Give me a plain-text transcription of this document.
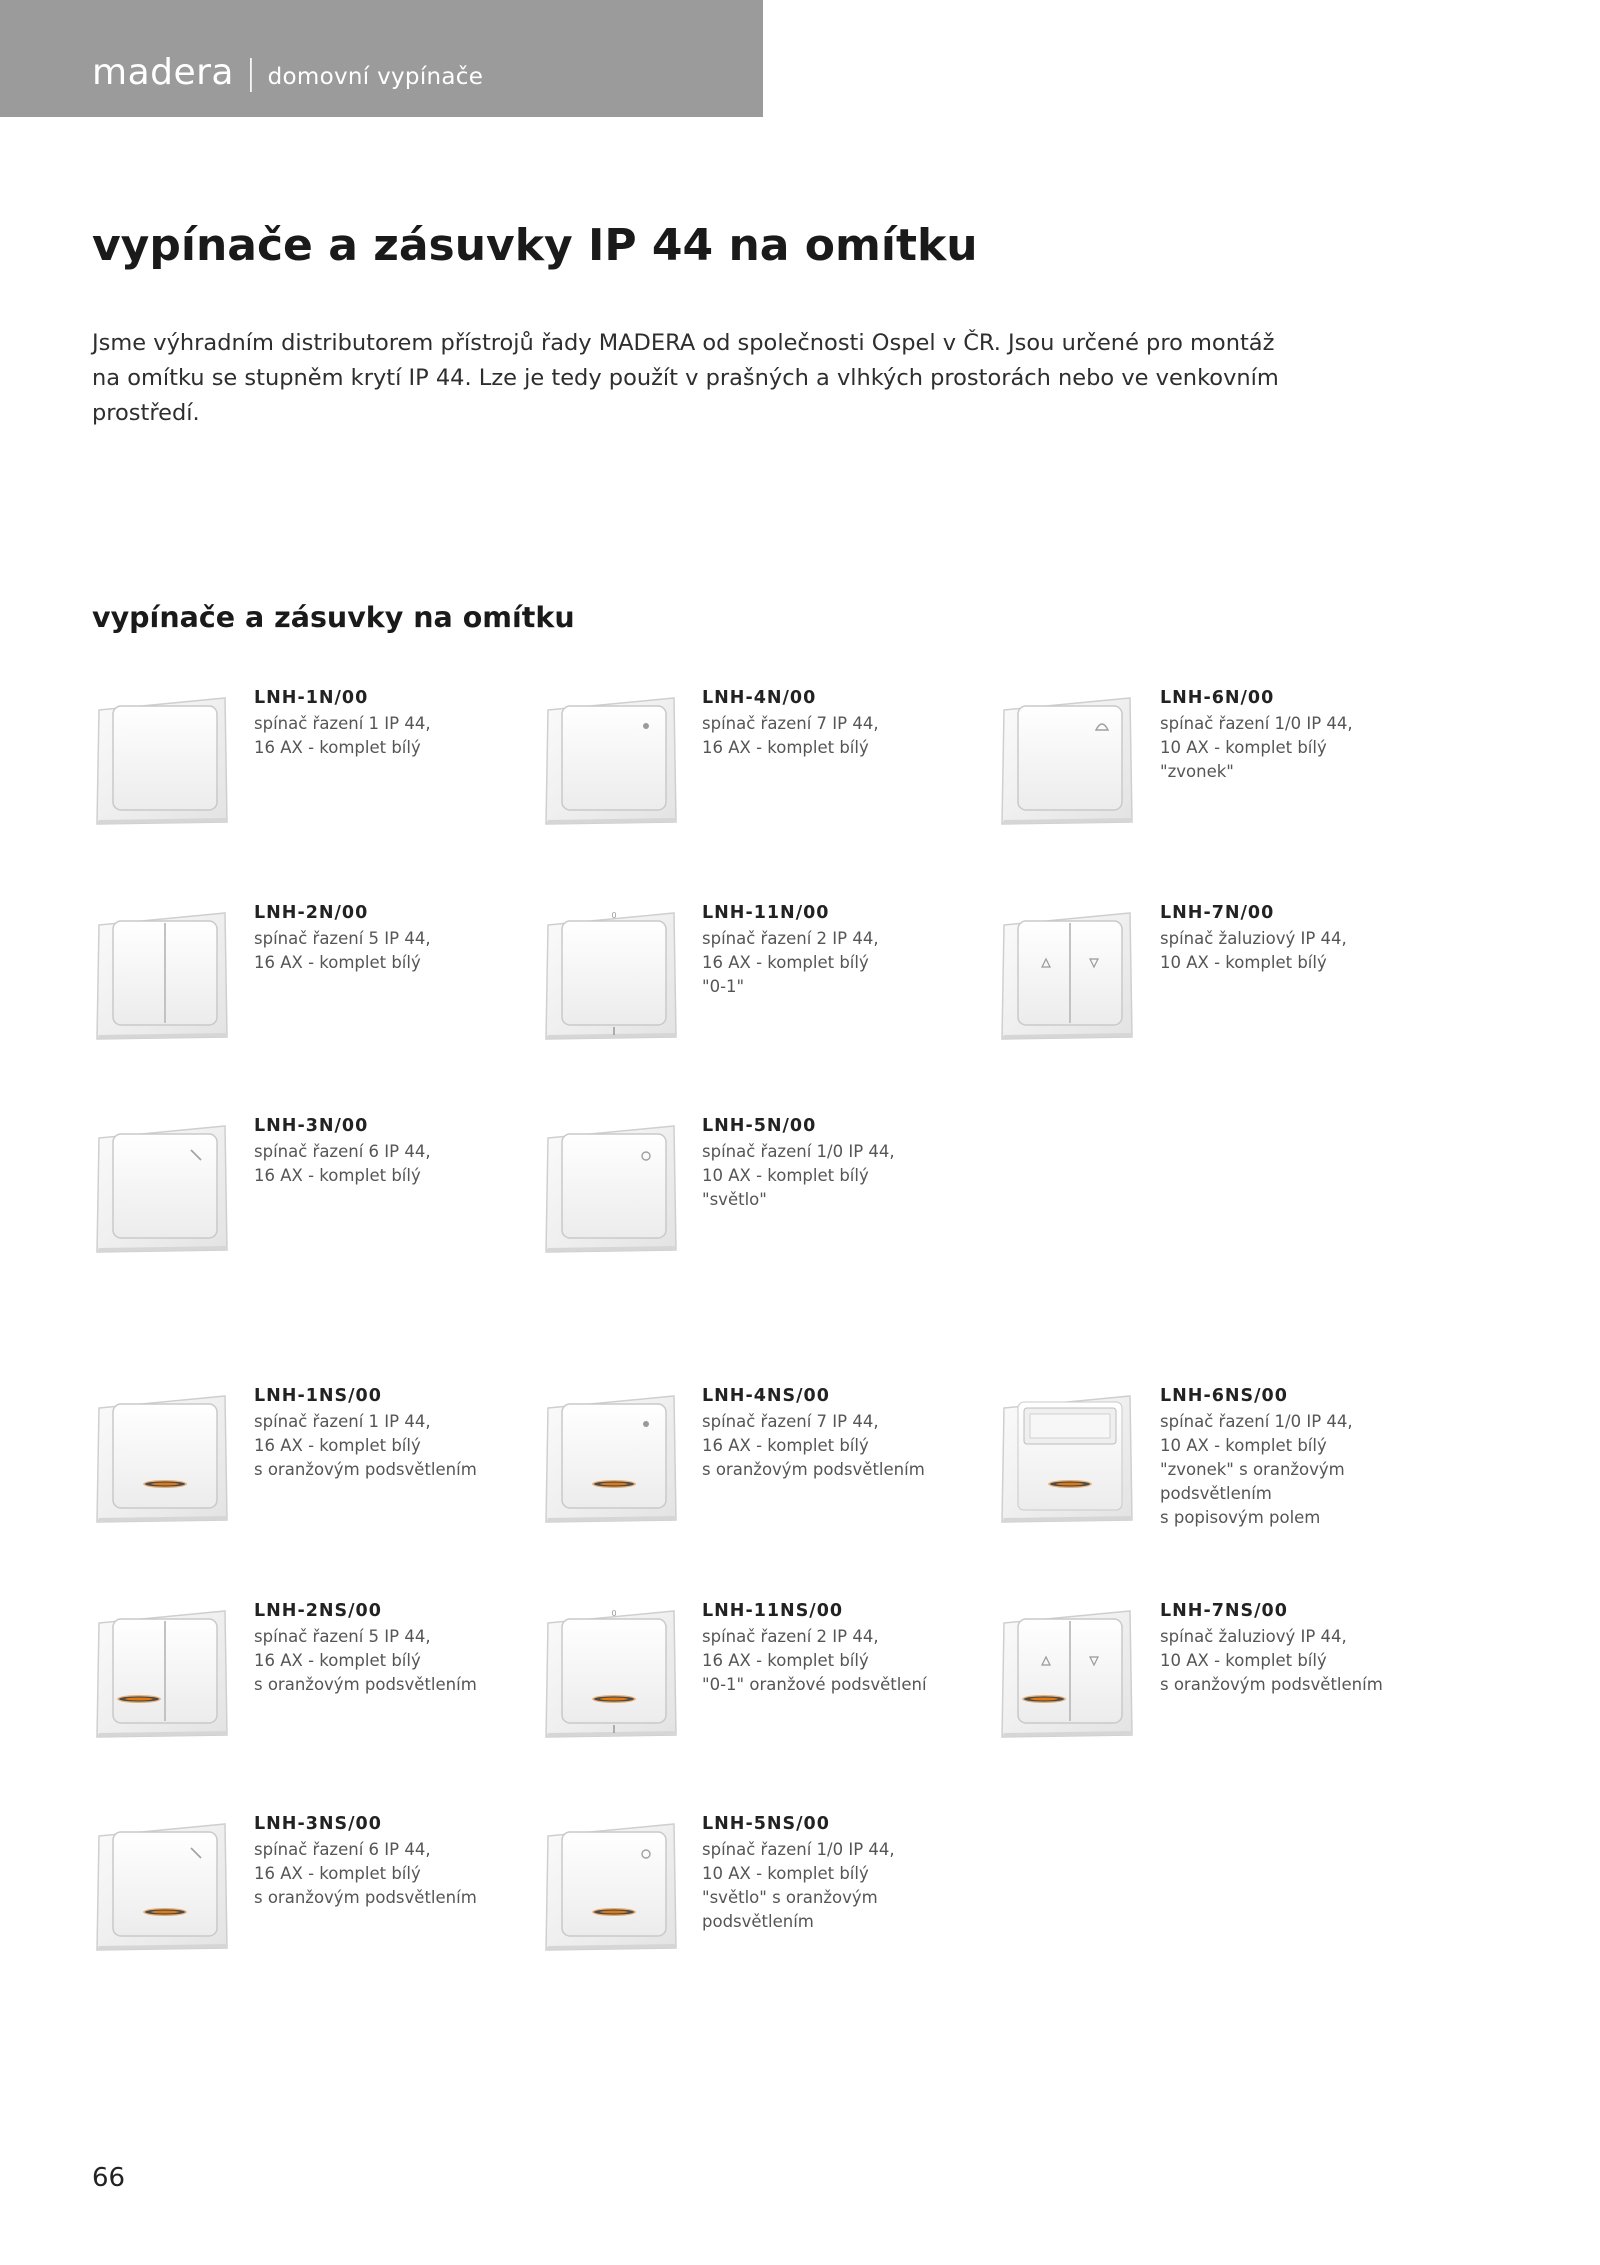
madera | domovní vypínače
vypínače a zásuvky IP 44 na omítku

Jsme výhradním distributorem přístrojů řady MADERA od společnosti Ospel v ČR. Jsou určené pro montáž
na omítku se stupněm krytí IP 44. Lze je tedy použít v prašných a vlhkých prostorách nebo ve venkovním
prostředí.

vypínače a zásuvky na omítku
LNH-1N/00
spínač řazení 1 IP 44,
16 AX - komplet bílý
LNH-4N/00
spínač řazení 7 IP 44,
16 AX - komplet bílý
LNH-6N/00
spínač řazení 1/0 IP 44,
10 AX - komplet bílý
"zvonek"
LNH-2N/00
spínač řazení 5 IP 44,
16 AX - komplet bílý
0	LNH-11N/00
spínač řazení 2 IP 44,
16 AX - komplet bílý
"0-1"
LNH-7N/00
spínač žaluziový IP 44,
10 AX - komplet bílý
LNH-3N/00
spínač řazení 6 IP 44,
16 AX - komplet bílý
LNH-5N/00
spínač řazení 1/0 IP 44,
10 AX - komplet bílý
"světlo"
LNH-1NS/00
spínač řazení 1 IP 44,
16 AX - komplet bílý
s oranžovým podsvětlením
LNH-4NS/00
spínač řazení 7 IP 44,
16 AX - komplet bílý
s oranžovým podsvětlením
LNH-6NS/00
spínač řazení 1/0 IP 44,
10 AX - komplet bílý
"zvonek" s oranžovým
podsvětlením
s popisovým polem
LNH-2NS/00
spínač řazení 5 IP 44,
16 AX - komplet bílý
s oranžovým podsvětlením
0	LNH-11NS/00
spínač řazení 2 IP 44,
16 AX - komplet bílý
"0-1" oranžové podsvětlení
LNH-7NS/00
spínač žaluziový IP 44,
10 AX - komplet bílý
s oranžovým podsvětlením
LNH-3NS/00
spínač řazení 6 IP 44,
16 AX - komplet bílý
s oranžovým podsvětlením
LNH-5NS/00
spínač řazení 1/0 IP 44,
10 AX - komplet bílý
"světlo" s oranžovým
podsvětlením
66
